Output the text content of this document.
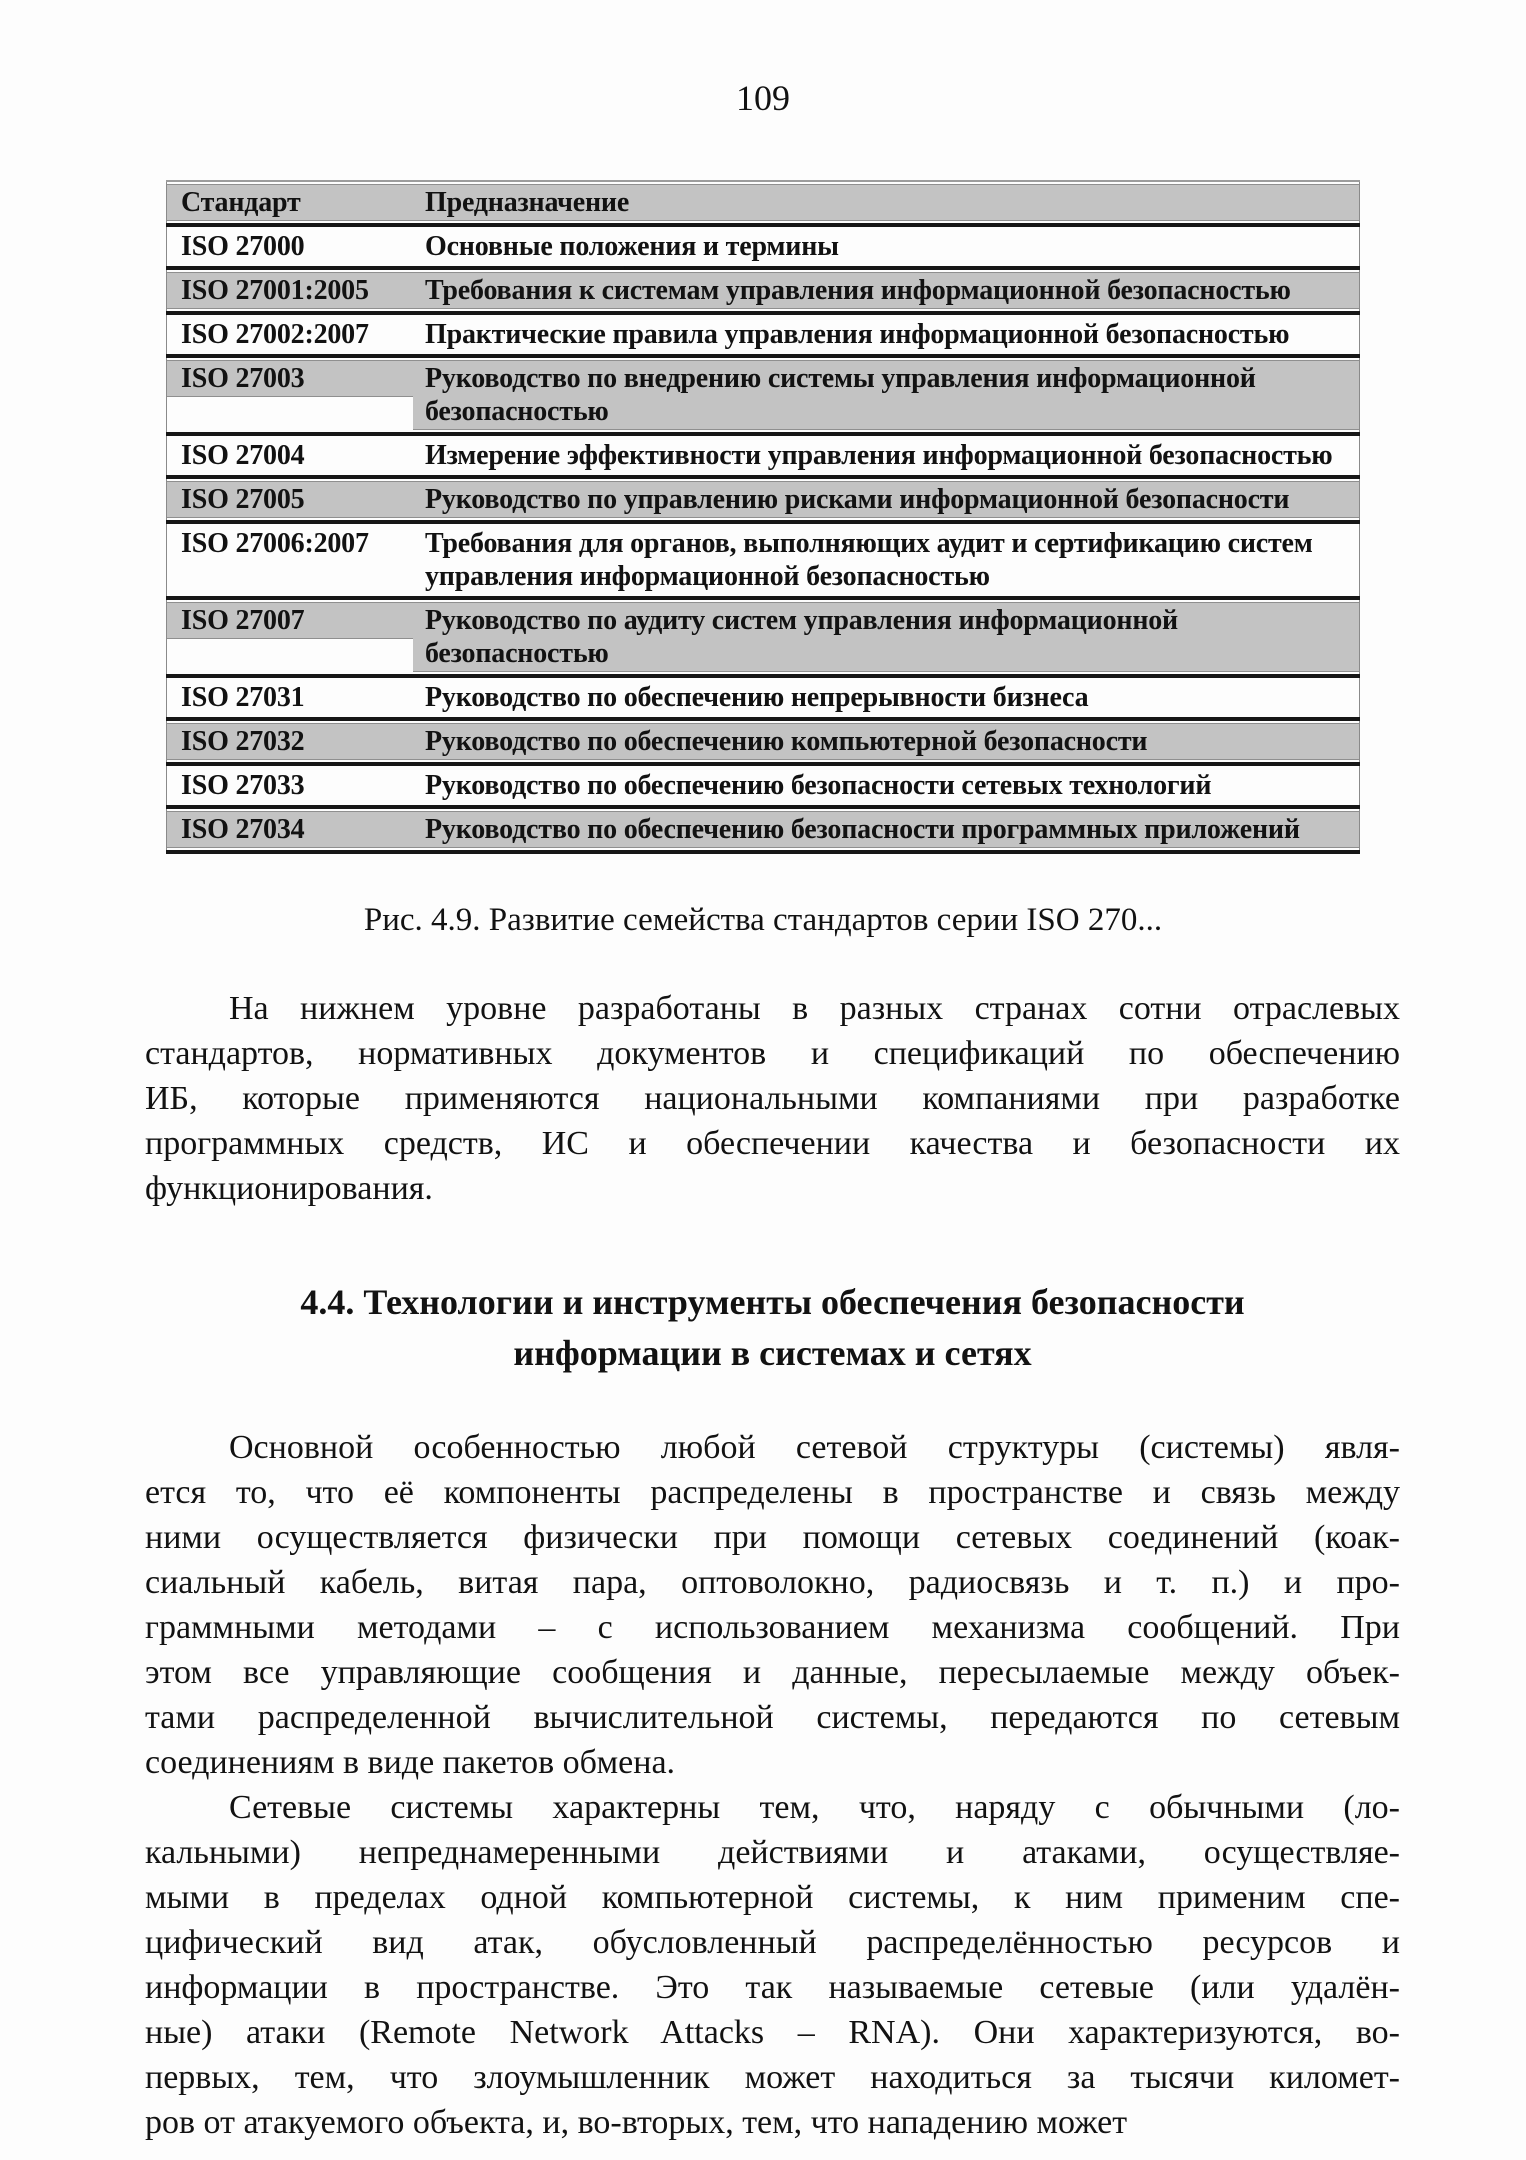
109
Стандарт	Предназначение

ISO 27000	Основные положения и термины

ISO 27001:2005	Требования к системам управления информационной безопасностью

ISO 27002:2007	Практические правила управления информационной безопасностью

ISO 27003	Руководство по внедрению системы управления информационной безопасностью

ISO 27004	Измерение эффективности управления информационной безопасностью

ISO 27005	Руководство по управлению рисками информационной безопасности

ISO 27006:2007	Требования для органов, выполняющих аудит и сертификацию систем управления информационной безопасностью

ISO 27007	Руководство по аудиту систем управления информационной безопасностью

ISO 27031	Руководство по обеспечению непрерывности бизнеса

ISO 27032	Руководство по обеспечению компьютерной безопасности

ISO 27033	Руководство по обеспечению безопасности сетевых технологий

ISO 27034	Руководство по обеспечению безопасности программных приложений
Рис. 4.9. Развитие семейства стандартов серии ISO 270...
На нижнем уровне разработаны в разных странах сотни отраслевых
стандартов, нормативных документов и спецификаций по обеспечению
ИБ, которые применяются национальными компаниями при разработке
программных средств, ИС и обеспечении качества и безопасности их
функционирования.
4.4. Технологии и инструменты обеспечения безопасности
информации в системах и сетях
Основной особенностью любой сетевой структуры (системы) явля-
ется то, что её компоненты распределены в пространстве и связь между
ними осуществляется физически при помощи сетевых соединений (коак-
сиальный кабель, витая пара, оптоволокно, радиосвязь и т. п.) и про-
граммными методами – с использованием механизма сообщений. При
этом все управляющие сообщения и данные, пересылаемые между объек-
тами распределенной вычислительной системы, передаются по сетевым
соединениям в виде пакетов обмена.
Сетевые системы характерны тем, что, наряду с обычными (ло-
кальными) непреднамеренными действиями и атаками, осуществляе-
мыми в пределах одной компьютерной системы, к ним применим спе-
цифический вид атак, обусловленный распределённостью ресурсов и
информации в пространстве. Это так называемые сетевые (или удалён-
ные) атаки (Remote Network Attacks – RNA). Они характеризуются, во-
первых, тем, что злоумышленник может находиться за тысячи километ-
ров от атакуемого объекта, и, во-вторых, тем, что нападению может
